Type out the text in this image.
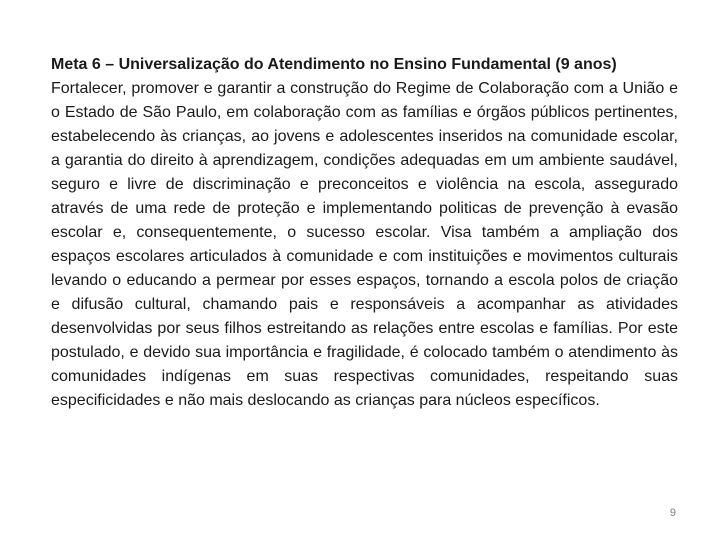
Meta 6 – Universalização do Atendimento no Ensino Fundamental (9 anos)

Fortalecer, promover e garantir a construção do Regime de Colaboração com a União e o Estado de São Paulo, em colaboração com as famílias e órgãos públicos pertinentes, estabelecendo às crianças, ao jovens e adolescentes inseridos na comunidade escolar, a garantia do direito à aprendizagem, condições adequadas em um ambiente saudável, seguro e livre de discriminação e preconceitos e violência na escola, assegurado através de uma rede de proteção e implementando politicas de prevenção à evasão escolar e, consequentemente, o sucesso escolar. Visa também a ampliação dos espaços escolares articulados à comunidade e com instituições e movimentos culturais levando o educando a permear por esses espaços, tornando a escola polos de criação e difusão cultural, chamando pais e responsáveis a acompanhar as atividades desenvolvidas por seus filhos estreitando as relações entre escolas e famílias. Por este postulado, e devido sua importância e fragilidade, é colocado também o atendimento às comunidades indígenas em suas respectivas comunidades, respeitando suas especificidades e não mais deslocando as crianças para núcleos específicos.

9
